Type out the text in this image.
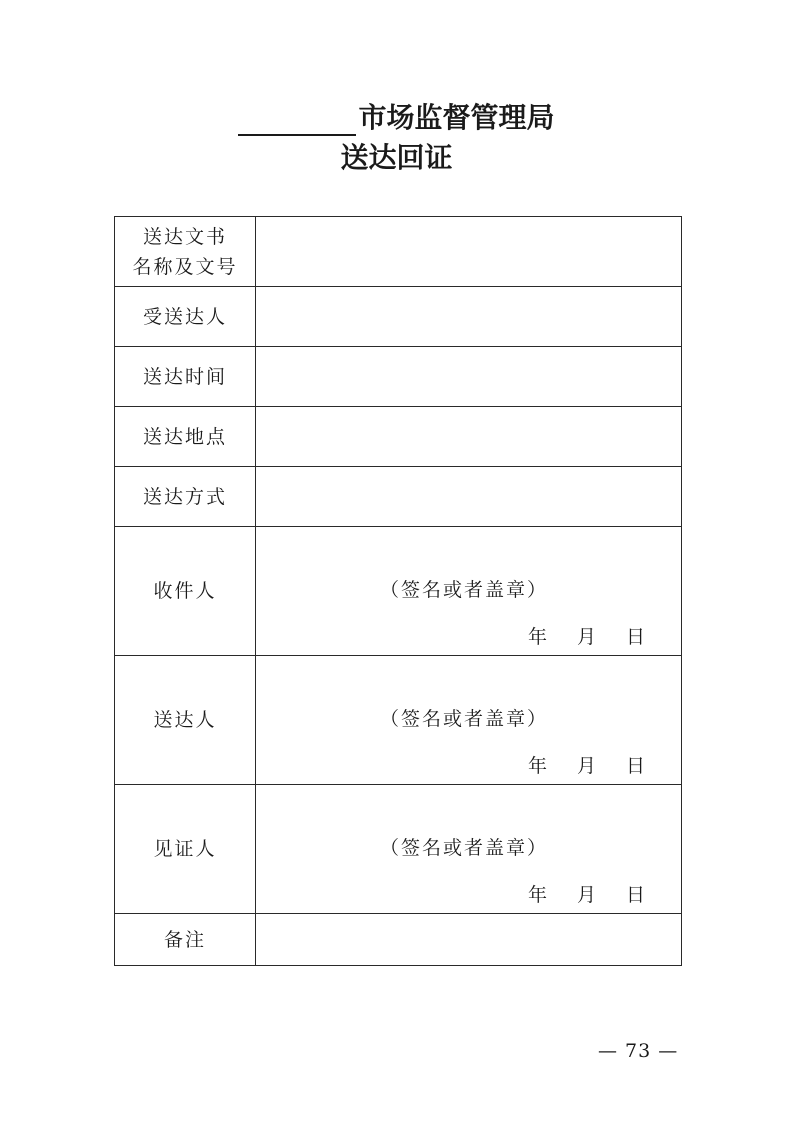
市场监督管理局
送达回证
送达文书
名称及文号	

受送达人	
送达时间	
送达地点	
送达方式	
收件人	（签名或者盖章）
年 月 日

送达人	（签名或者盖章）
年 月 日

见证人	（签名或者盖章）
年 月 日

备注	
— 73 —
